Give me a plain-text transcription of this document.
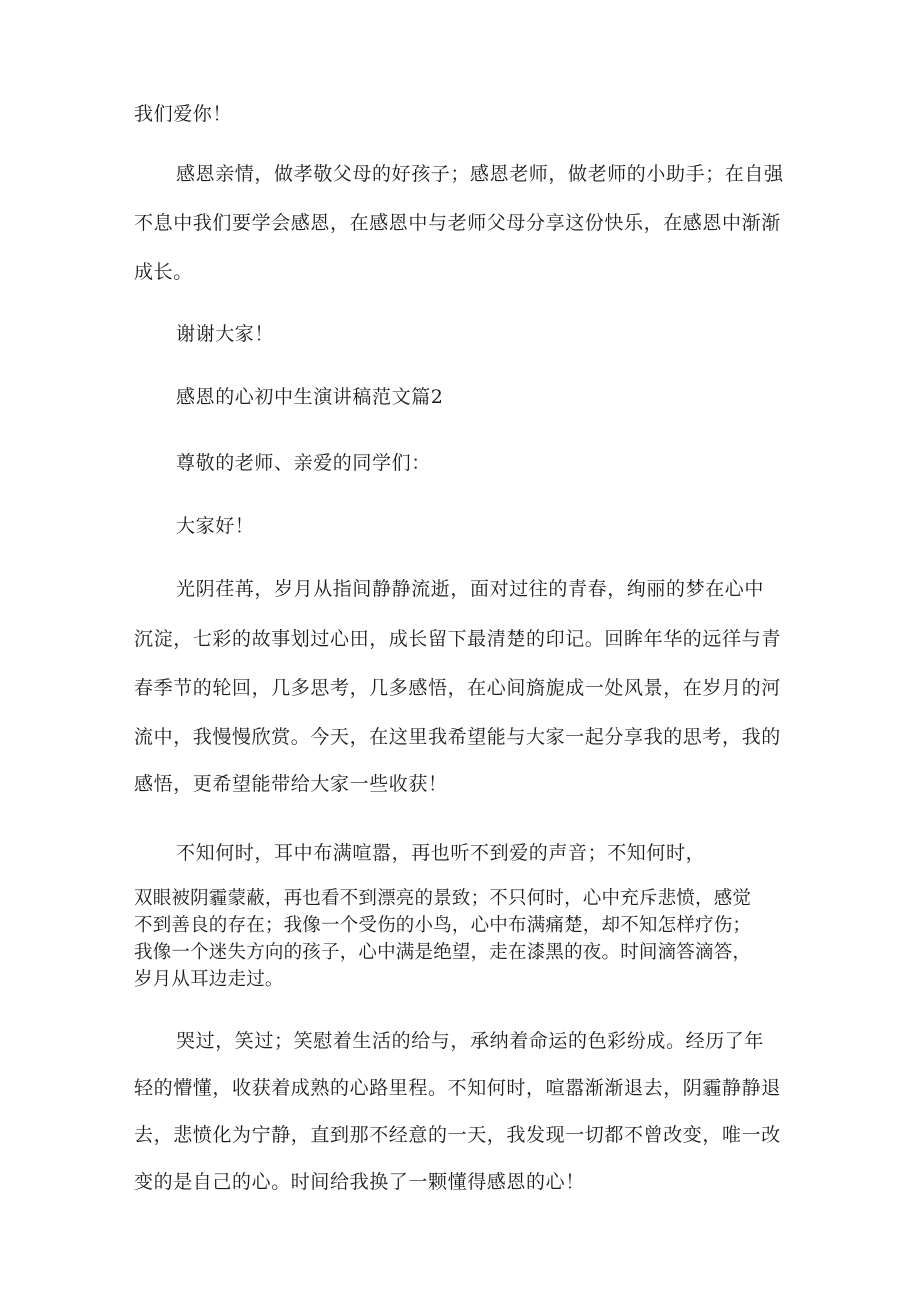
我们爱你！
感恩亲情，做孝敬父母的好孩子；感恩老师，做老师的小助手；在自强
不息中我们要学会感恩，在感恩中与老师父母分享这份快乐，在感恩中渐渐
成长。
谢谢大家！
感恩的心初中生演讲稿范文篇2
尊敬的老师、亲爱的同学们：
大家好！
光阴荏苒，岁月从指间静静流逝，面对过往的青春，绚丽的梦在心中
沉淀，七彩的故事划过心田，成长留下最清楚的印记。回眸年华的远徉与青
春季节的轮回，几多思考，几多感悟，在心间旖旎成一处风景，在岁月的河
流中，我慢慢欣赏。今天，在这里我希望能与大家一起分享我的思考，我的
感悟，更希望能带给大家一些收获！
不知何时，耳中布满喧嚣，再也听不到爱的声音；不知何时，
双眼被阴霾蒙蔽，再也看不到漂亮的景致；不只何时，心中充斥悲愤，感觉
不到善良的存在；我像一个受伤的小鸟，心中布满痛楚，却不知怎样疗伤；
我像一个迷失方向的孩子，心中满是绝望，走在漆黑的夜。时间滴答滴答，
岁月从耳边走过。
哭过，笑过；笑慰着生活的给与，承纳着命运的色彩纷成。经历了年
轻的懵懂，收获着成熟的心路里程。不知何时，喧嚣渐渐退去，阴霾静静退
去，悲愤化为宁静，直到那不经意的一天，我发现一切都不曾改变，唯一改
变的是自己的心。时间给我换了一颗懂得感恩的心！
